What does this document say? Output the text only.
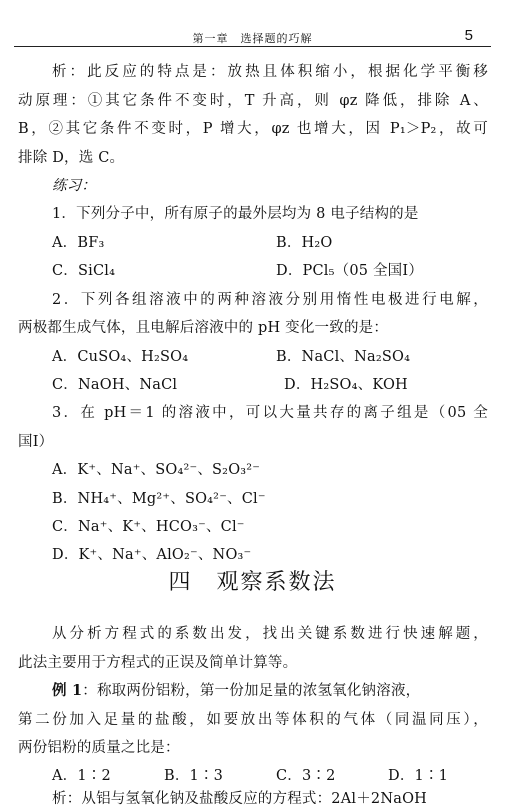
第一章　选择题的巧解	5
析：此反应的特点是：放热且体积缩小，根据化学平衡移
动原理：①其它条件不变时，T 升高，则 φz 降低，排除 A、
B，②其它条件不变时，P 增大，φz 也增大，因 P₁＞P₂，故可
排除 D，选 C。
练习：
1．下列分子中，所有原子的最外层均为 8 电子结构的是
A．BF₃	B．H₂O
C．SiCl₄	D．PCl₅（05 全国Ⅰ）
2．下列各组溶液中的两种溶液分别用惰性电极进行电解，
两极都生成气体，且电解后溶液中的 pH 变化一致的是：
A．CuSO₄、H₂SO₄	B．NaCl、Na₂SO₄
C．NaOH、NaCl	D．H₂SO₄、KOH
3．在 pH＝1 的溶液中，可以大量共存的离子组是（05 全
国Ⅰ）
A．K⁺、Na⁺、SO₄²⁻、S₂O₃²⁻
B．NH₄⁺、Mg²⁺、SO₄²⁻、Cl⁻
C．Na⁺、K⁺、HCO₃⁻、Cl⁻
D．K⁺、Na⁺、AlO₂⁻、NO₃⁻
四　观察系数法
从分析方程式的系数出发，找出关键系数进行快速解题，
此法主要用于方程式的正误及简单计算等。
例 1：称取两份铝粉，第一份加足量的浓氢氧化钠溶液，
第二份加入足量的盐酸，如要放出等体积的气体（同温同压），
两份铝粉的质量之比是：
A．1∶2	B．1∶3	C．3∶2	D．1∶1
析：从铝与氢氧化钠及盐酸反应的方程式：2Al＋2NaOH
